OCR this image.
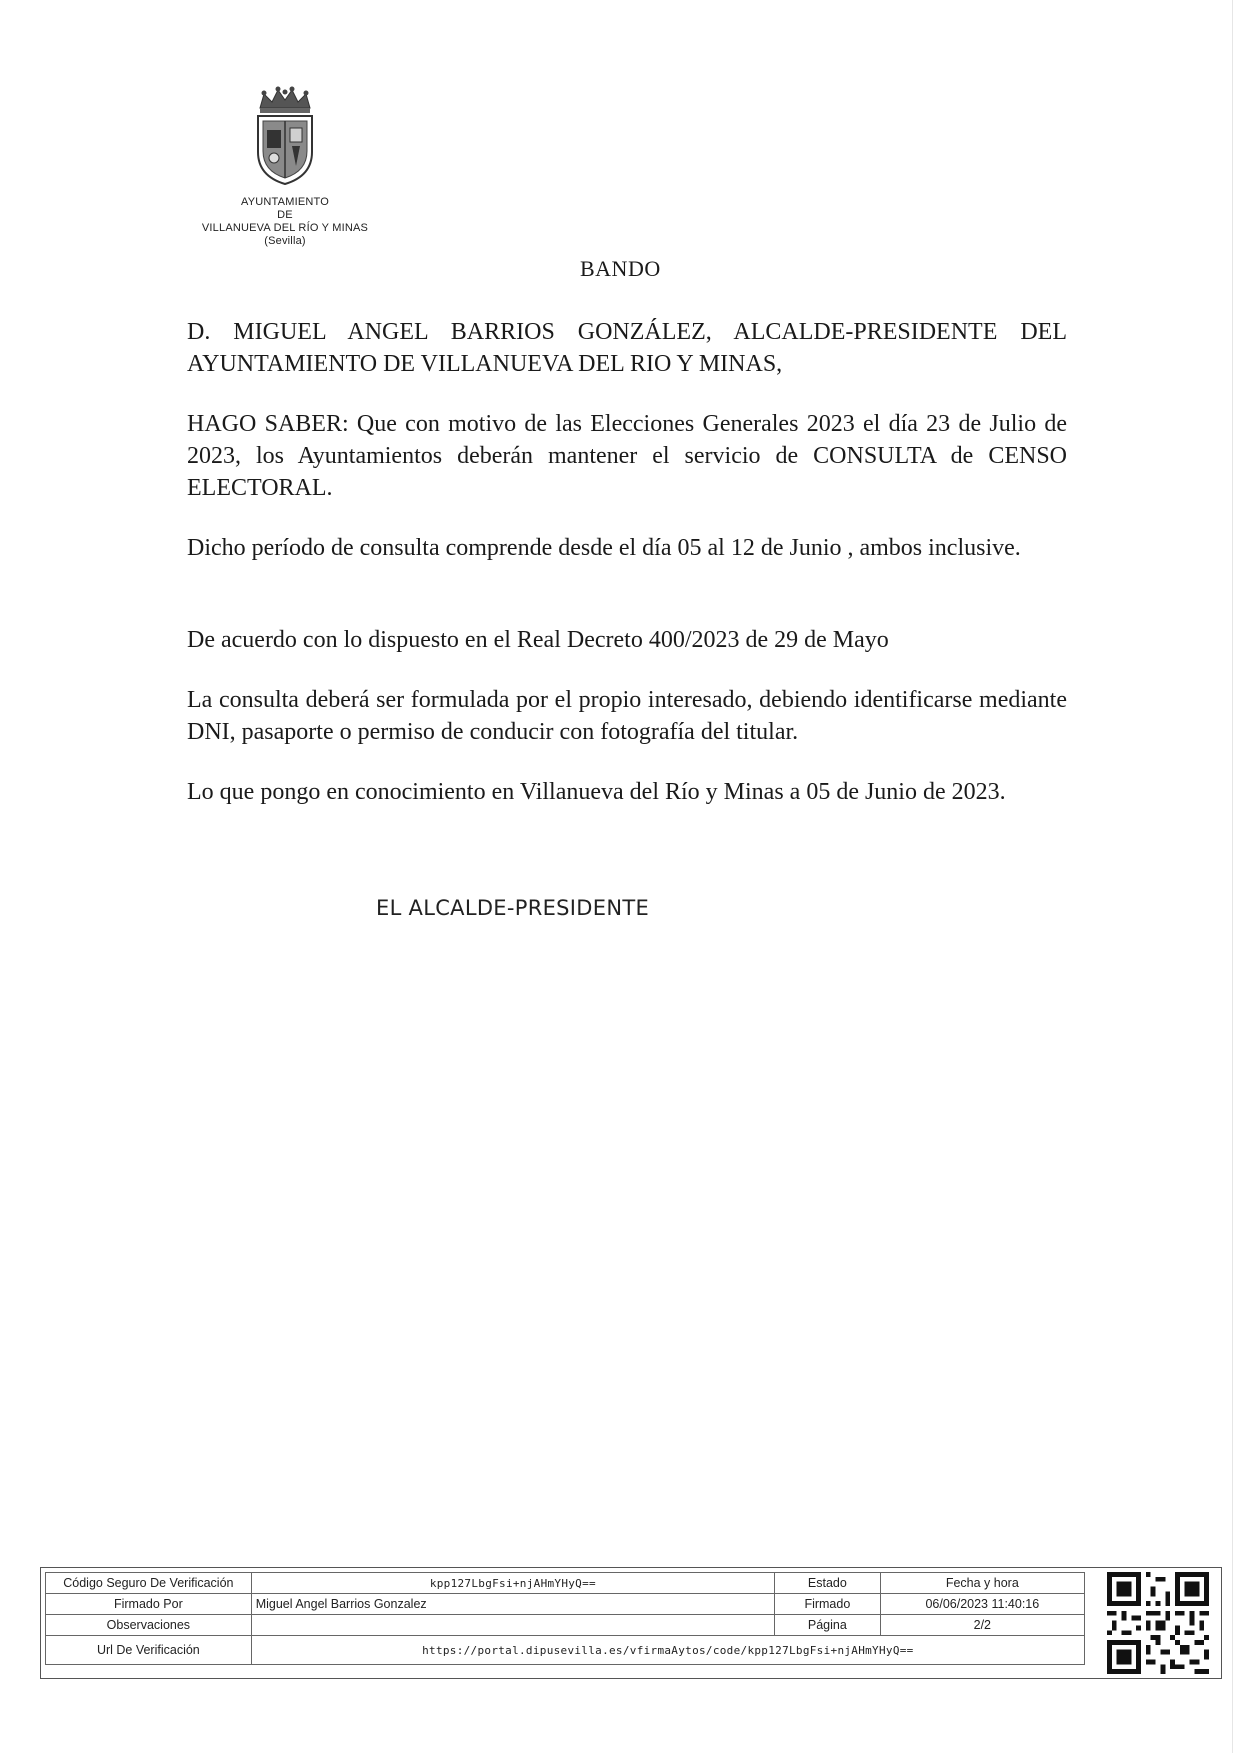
AYUNTAMIENTO
DE
VILLANUEVA DEL RÍO Y MINAS
(Sevilla)
BANDO

D. MIGUEL ANGEL BARRIOS GONZÁLEZ, ALCALDE-PRESIDENTE DEL AYUNTAMIENTO DE VILLANUEVA DEL RIO Y MINAS,

HAGO SABER: Que con motivo de las Elecciones Generales 2023 el día 23 de Julio de 2023, los Ayuntamientos deberán mantener el servicio de CONSULTA de CENSO ELECTORAL.

Dicho período de consulta comprende desde el día 05 al 12 de Junio , ambos inclusive.

De acuerdo con lo dispuesto en el Real Decreto 400/2023 de 29 de Mayo

La consulta deberá ser formulada por el propio interesado, debiendo identificarse mediante DNI, pasaporte o permiso de conducir con fotografía del titular.

Lo que pongo en conocimiento en Villanueva del Río y Minas a 05 de Junio de 2023.

EL ALCALDE-PRESIDENTE
Código Seguro De Verificación	kpp127LbgFsi+njAHmYHyQ==	Estado	Fecha y hora
Firmado Por	Miguel Angel Barrios Gonzalez	Firmado	06/06/2023 11:40:16
Observaciones		Página	2/2
Url De Verificación	https://portal.dipusevilla.es/vfirmaAytos/code/kpp127LbgFsi+njAHmYHyQ==		
